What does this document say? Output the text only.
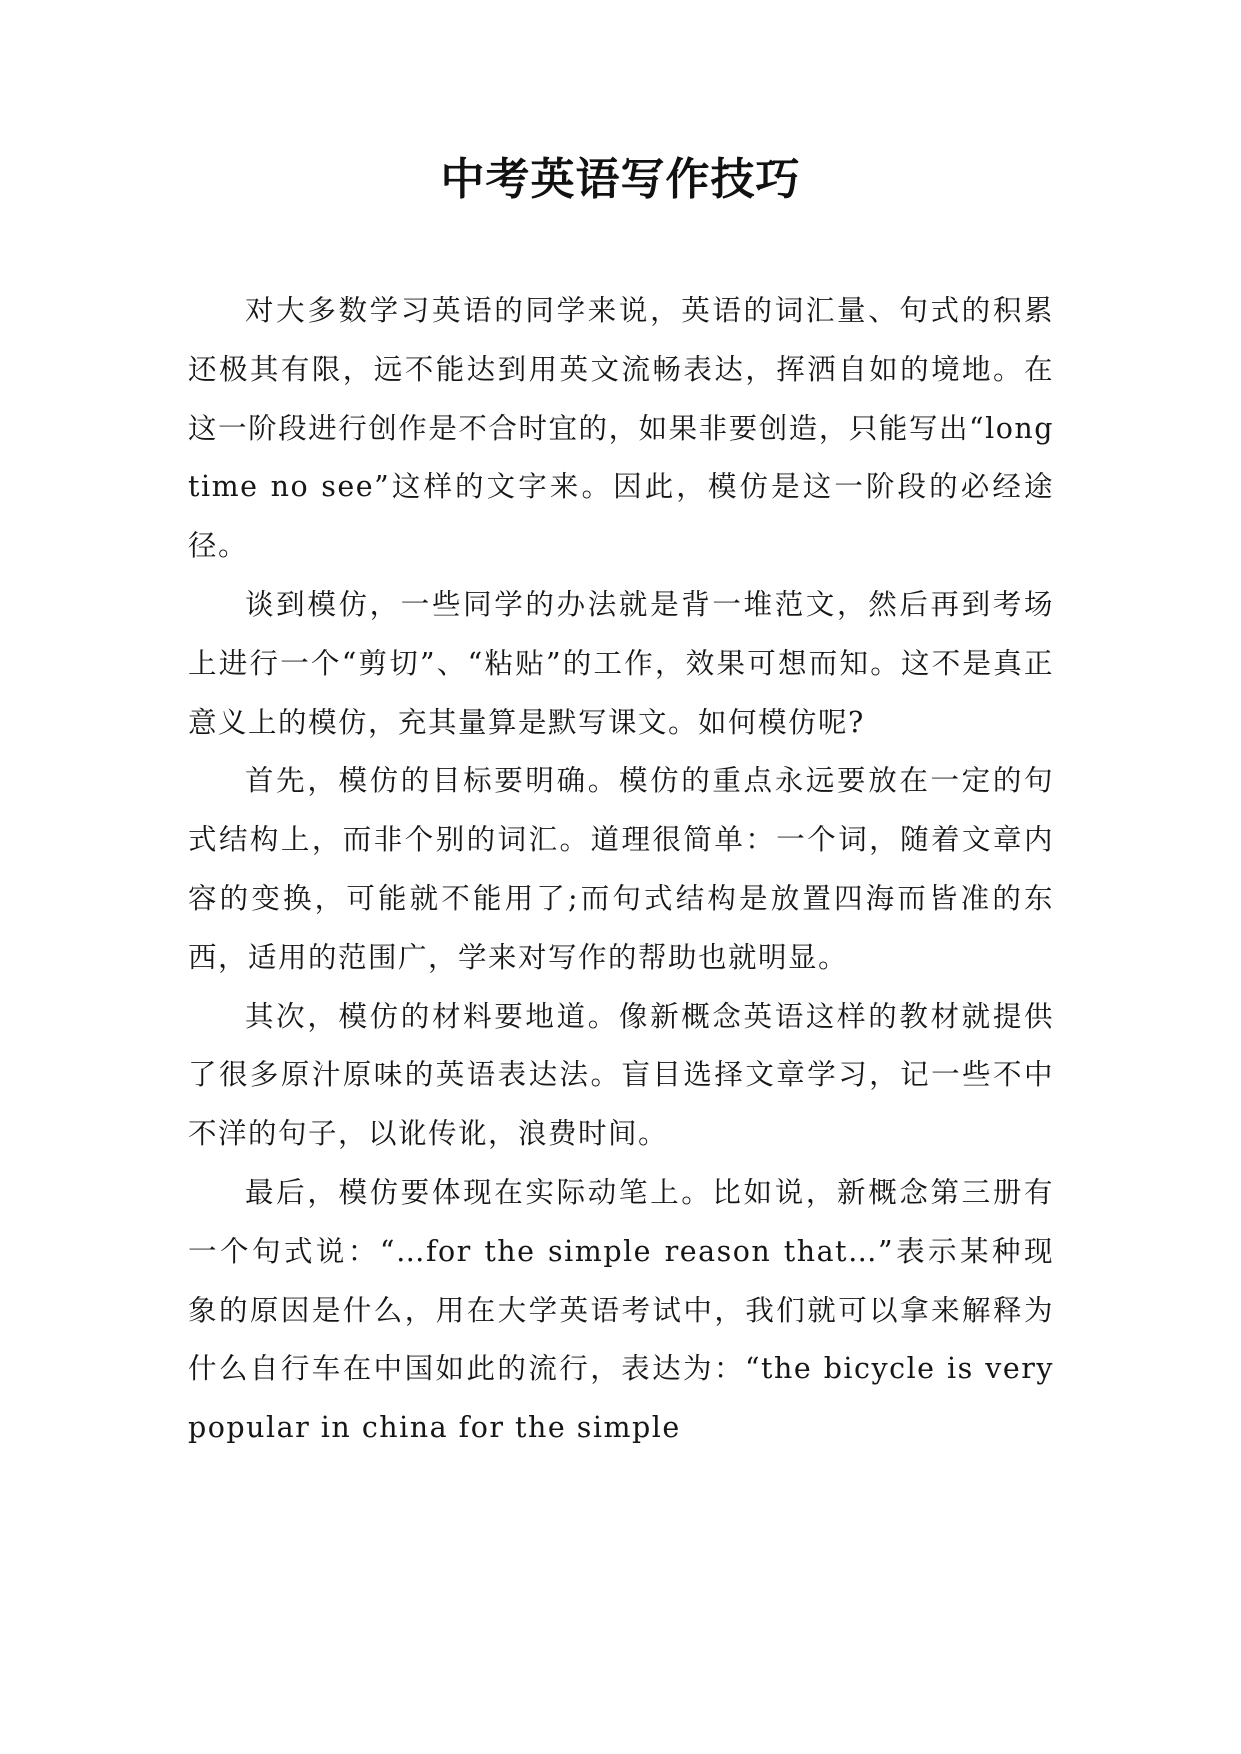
中考英语写作技巧

对大多数学习英语的同学来说，英语的词汇量、句式的积累还极其有限，远不能达到用英文流畅表达，挥洒自如的境地。在这一阶段进行创作是不合时宜的，如果非要创造，只能写出“long time no see”这样的文字来。因此，模仿是这一阶段的必经途径。

谈到模仿，一些同学的办法就是背一堆范文，然后再到考场上进行一个“剪切”、“粘贴”的工作，效果可想而知。这不是真正意义上的模仿，充其量算是默写课文。如何模仿呢?

首先，模仿的目标要明确。模仿的重点永远要放在一定的句式结构上，而非个别的词汇。道理很简单：一个词，随着文章内容的变换，可能就不能用了;而句式结构是放置四海而皆准的东西，适用的范围广，学来对写作的帮助也就明显。

其次，模仿的材料要地道。像新概念英语这样的教材就提供了很多原汁原味的英语表达法。盲目选择文章学习，记一些不中不洋的句子，以讹传讹，浪费时间。

最后，模仿要体现在实际动笔上。比如说，新概念第三册有一个句式说：“…for the simple reason that…”表示某种现象的原因是什么，用在大学英语考试中，我们就可以拿来解释为什么自行车在中国如此的流行，表达为：“the bicycle is very popular in china for the simple
